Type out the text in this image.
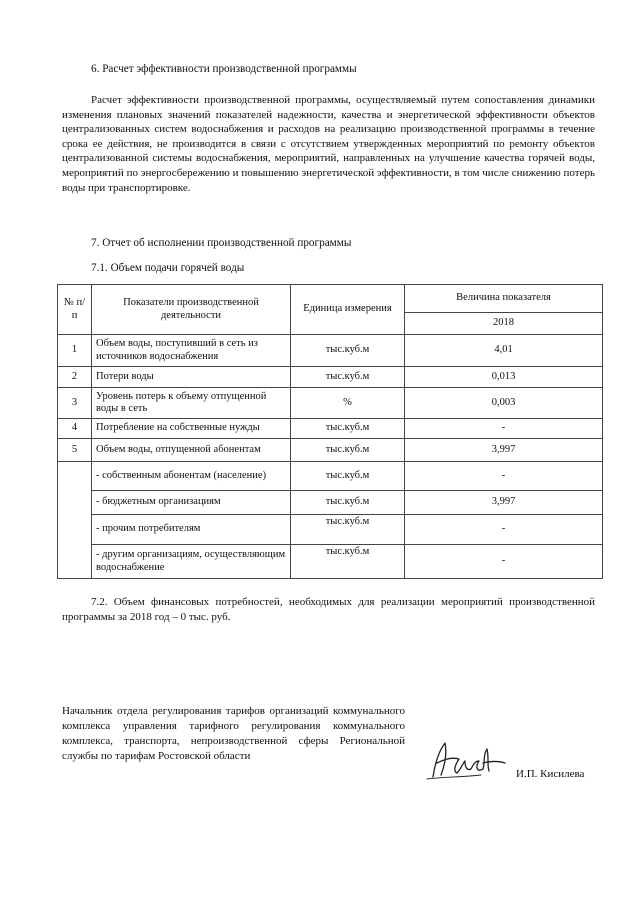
6. Расчет эффективности производственной программы
Расчет эффективности производственной программы, осуществляемый путем сопоставления динамики изменения плановых значений показателей надежности, качества и энергетической эффективности объектов централизованных систем водоснабжения и расходов на реализацию производственной программы в течение срока ее действия, не производится в связи с отсутствием утвержденных мероприятий по ремонту объектов централизованной системы водоснабжения, мероприятий, направленных на улучшение качества горячей воды, мероприятий по энергосбережению и повышению энергетической эффективности, в том числе снижению потерь воды при транспортировке.
7. Отчет об исполнении производственной программы
7.1. Объем подачи горячей воды
№ п/п	Показатели производственной деятельности	Единица измерения	Величина показателя
			2018
1	Объем воды, поступивший в сеть из источников водоснабжения	тыс.куб.м	4,01
2	Потери воды	тыс.куб.м	0,013
3	Уровень потерь к объему отпущенной воды в сеть	%	0,003
4	Потребление на собственные нужды	тыс.куб.м	-
5	Объем воды, отпущенной абонентам	тыс.куб.м	3,997
	- собственным абонентам (население)	тыс.куб.м	-
	- бюджетным организациям	тыс.куб.м	3,997
	- прочим потребителям	тыс.куб.м	-
	- другим организациям, осуществляющим водоснабжение	тыс.куб.м	-
7.2. Объем финансовых потребностей, необходимых для реализации мероприятий производственной программы за 2018 год – 0 тыс. руб.
Начальник отдела регулирования тарифов организаций коммунального комплекса управления тарифного регулирования коммунального комплекса, транспорта, непроизводственной сферы Региональной службы по тарифам Ростовской области
И.П. Кисилева
